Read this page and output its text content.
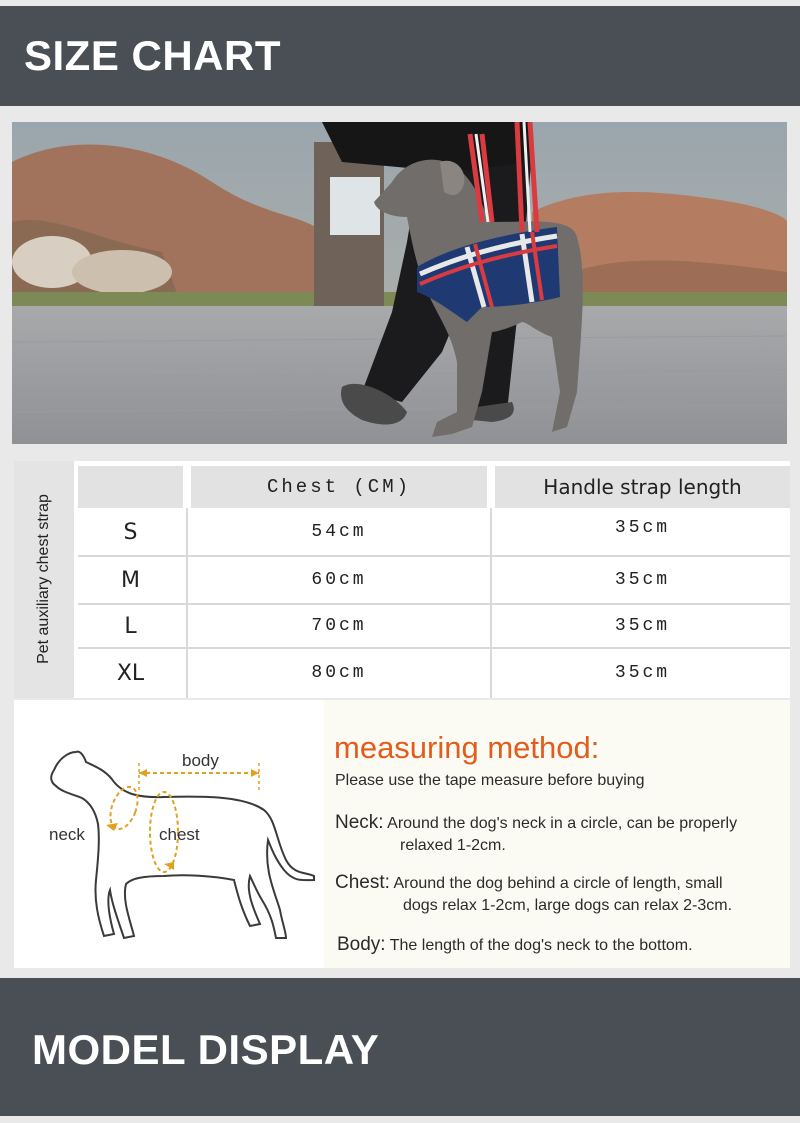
SIZE CHART
Pet auxiliary chest strap
Chest (CM)	Handle strap length
S	54cm	35cm
M	60cm	35cm
L	70cm	35cm
XL	80cm	35cm
body
neck	chest
measuring method:
Please use the tape measure before buying
Neck: Around the dog's neck in a circle, can be properly
relaxed 1-2cm.
Chest: Around the dog behind a circle of length, small
dogs relax 1-2cm, large dogs can relax 2-3cm.
Body: The length of the dog's neck to the bottom.
MODEL DISPLAY
